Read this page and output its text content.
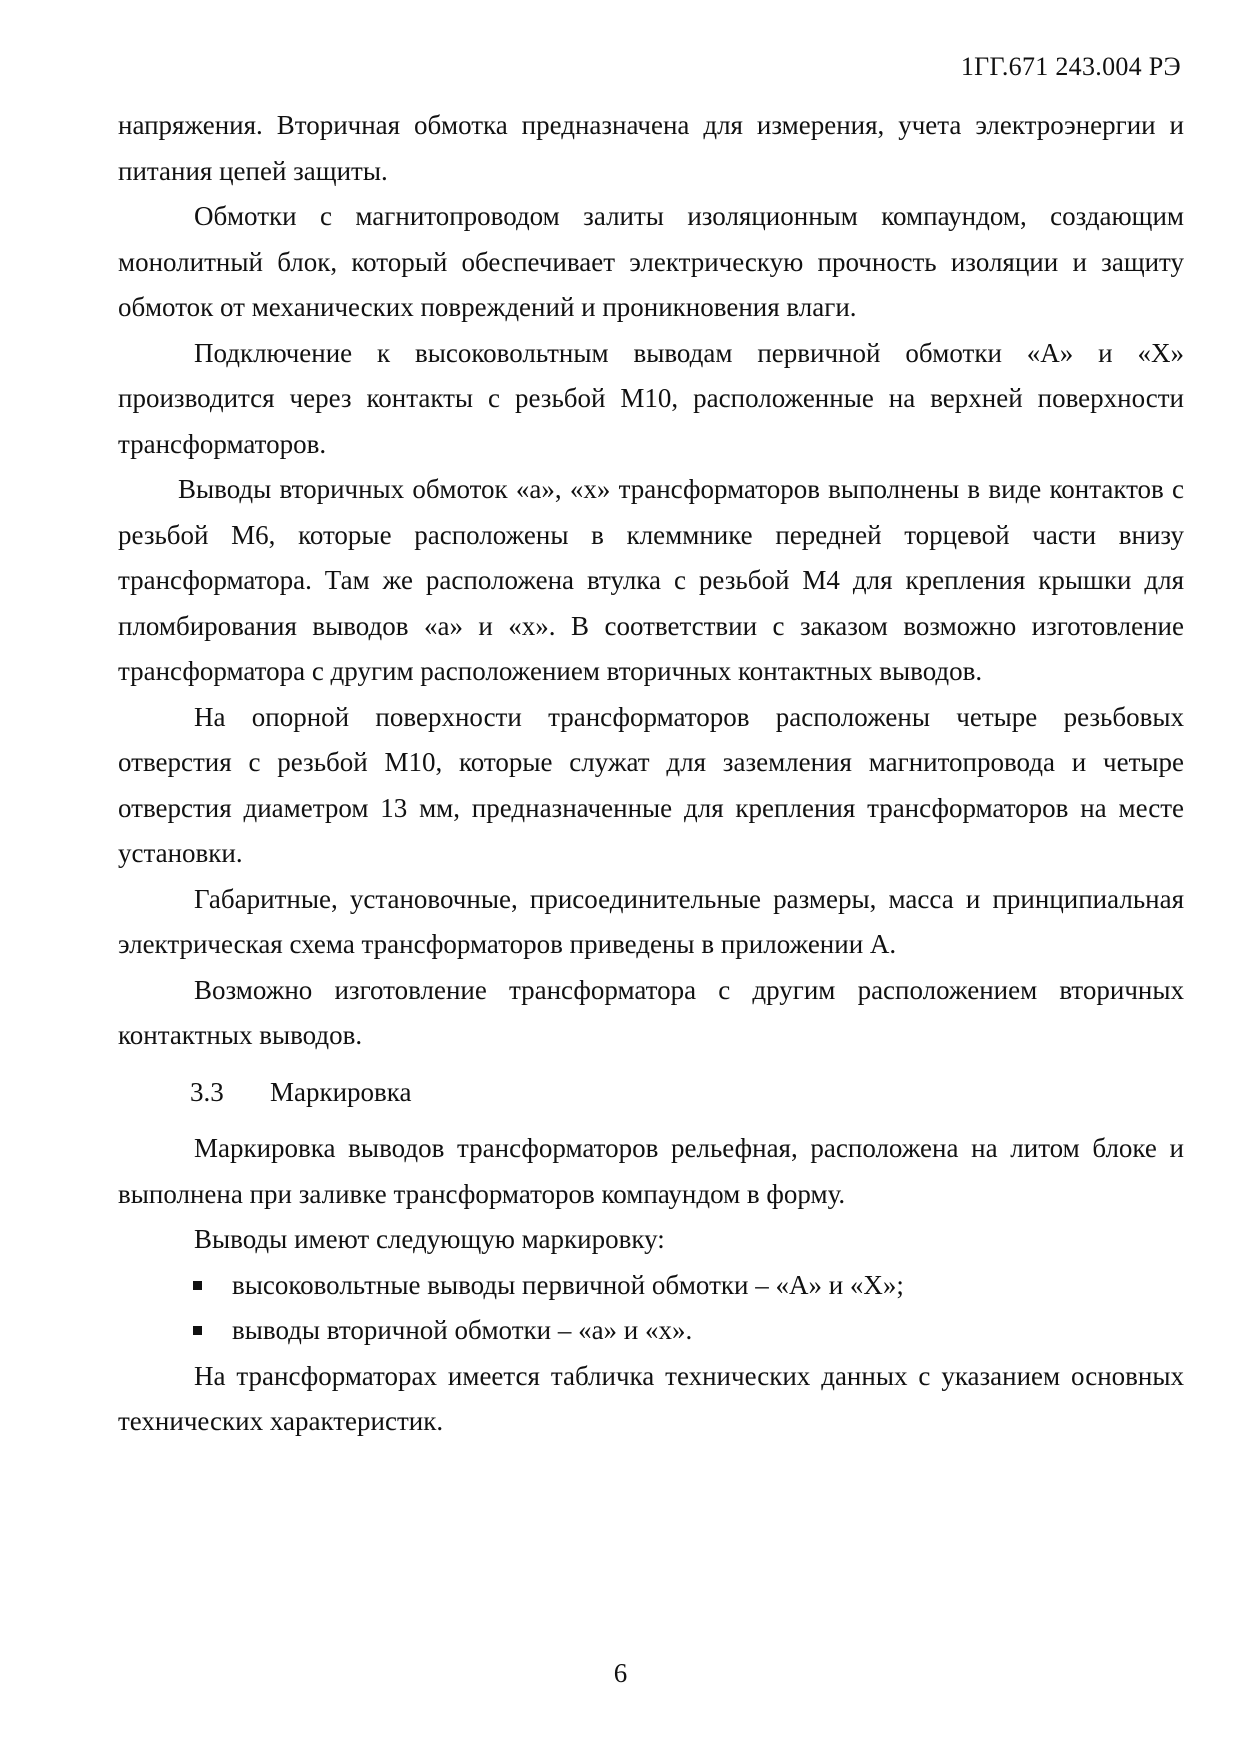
1ГГ.671 243.004 РЭ

напряжения. Вторичная обмотка предназначена для измерения, учета электроэнергии и питания цепей защиты.

Обмотки с магнитопроводом залиты изоляционным компаундом, создающим монолитный блок, который обеспечивает электрическую прочность изоляции и защиту обмоток от механических повреждений и проникновения влаги.

Подключение к высоковольтным выводам первичной обмотки «А» и «Х» производится через контакты с резьбой М10, расположенные на верхней поверхности трансформаторов.

Выводы вторичных обмоток «а», «х» трансформаторов выполнены в виде контактов с резьбой М6, которые расположены в клеммнике передней торцевой части внизу трансформатора. Там же расположена втулка с резьбой М4 для крепления крышки для пломбирования выводов «а» и «х». В соответствии с заказом возможно изготовление трансформатора с другим расположением вторичных контактных выводов.

На опорной поверхности трансформаторов расположены четыре резьбовых отверстия с резьбой М10, которые служат для заземления магнитопровода и четыре отверстия диаметром 13 мм, предназначенные для крепления трансформаторов на месте установки.

Габаритные, установочные, присоединительные размеры, масса и принципиальная электрическая схема трансформаторов приведены в приложении А.

Возможно изготовление трансформатора с другим расположением вторичных контактных выводов.

3.3 Маркировка

Маркировка выводов трансформаторов рельефная, расположена на литом блоке и выполнена при заливке трансформаторов компаундом в форму.

Выводы имеют следующую маркировку:

высоковольтные выводы первичной обмотки – «А» и «Х»;
выводы вторичной обмотки – «а» и «х».

На трансформаторах имеется табличка технических данных с указанием основных технических характеристик.

6
